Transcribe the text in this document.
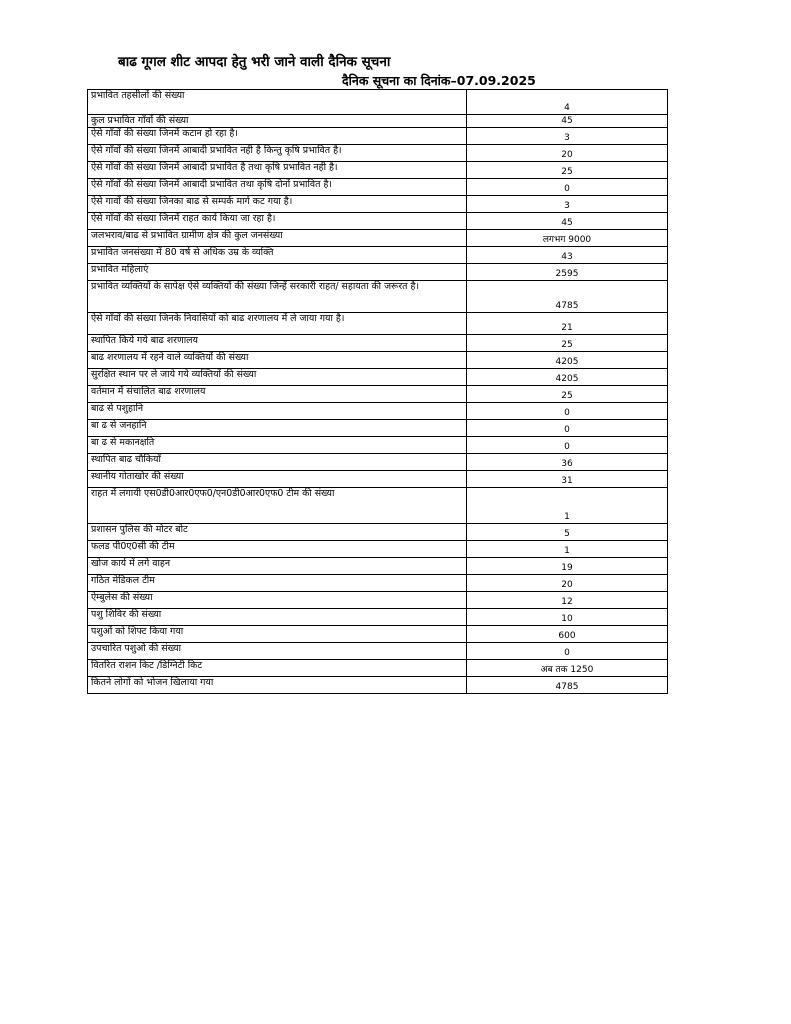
बाढ गूगल शीट आपदा हेतु भरी जाने वाली दैनिक सूचना
दैनिक सूचना का दिनांक–07.09.2025
प्रभावित तहसीलों की संख्या	4
कुल प्रभावित गाँवों की संख्या	45
ऐसे गाँवों की संख्या जिनमें कटान हो रहा है।	3
ऐसे गाँवों की संख्या जिनमें आबादी प्रभावित नही है किन्तु कृषि प्रभावित है।	20
ऐसे गाँवों की संख्या जिनमें आबादी प्रभावित है तथा कृषि प्रभावित नही है।	25
ऐसे गाँवों की संख्या जिनमें आबादी प्रभावित तथा कृषि दोनों प्रभावित है।	0
ऐसे गावों की संख्या जिनका बाढ से सम्पर्क मार्ग कट गया है।	3
ऐसे गाँवों की संख्या जिनमें राहत कार्य किया जा रहा है।	45
जलभराव/बाढ से प्रभावित ग्रामीण क्षेत्र की कुल जनसंख्या	लगभग 9000
प्रभावित जनसंख्या में 80 वर्ष से अधिक उम्र के व्यक्ति	43
प्रभावित महिलाएं	2595
प्रभावित व्यक्तियों के सापेक्ष ऐसे व्यक्तियों की संख्या जिन्हें सरकारी राहत/ सहायता की जरूरत है।	4785
ऐसे गाँवों की संख्या जिनके निवासियों को बाढ शरणालय में ले जाया गया है।	21
स्थापित किये गये बाढ शरणालय	25
बाढ शरणालय में रहने वाले व्यक्तियों की संख्या	4205
सुरक्षित स्थान पर ले जाये गये व्यक्तियों की संख्या	4205
वर्तमान में संचालित बाढ शरणालय	25
बाढ से पशुहानि	0
बा ढ से जनहानि	0
बा ढ से मकानक्षति	0
स्थापित बाढ चौकियाँ	36
स्थानीय गोताखोर की संख्या	31
राहत में लगायी एस0डी0आर0एफ0/एन0डी0आर0एफ0 टीम की संख्या	1
प्रशासन पुलिस की मोटर बोट	5
फलड पी0ए0सी की टीम	1
खोज कार्य में लगे वाहन	19
गठित मेडिकल टीम	20
ऐम्बुलेस की संख्या	12
पशु शिविर की संख्या	10
पशुओं को शिफ्ट किया गया	600
उपचारित पशुओ की संख्या	0
वितरित राशन किट /डिग्निटी किट	अब तक 1250
कितने लोगों को भोजन खिलाया गया	4785
